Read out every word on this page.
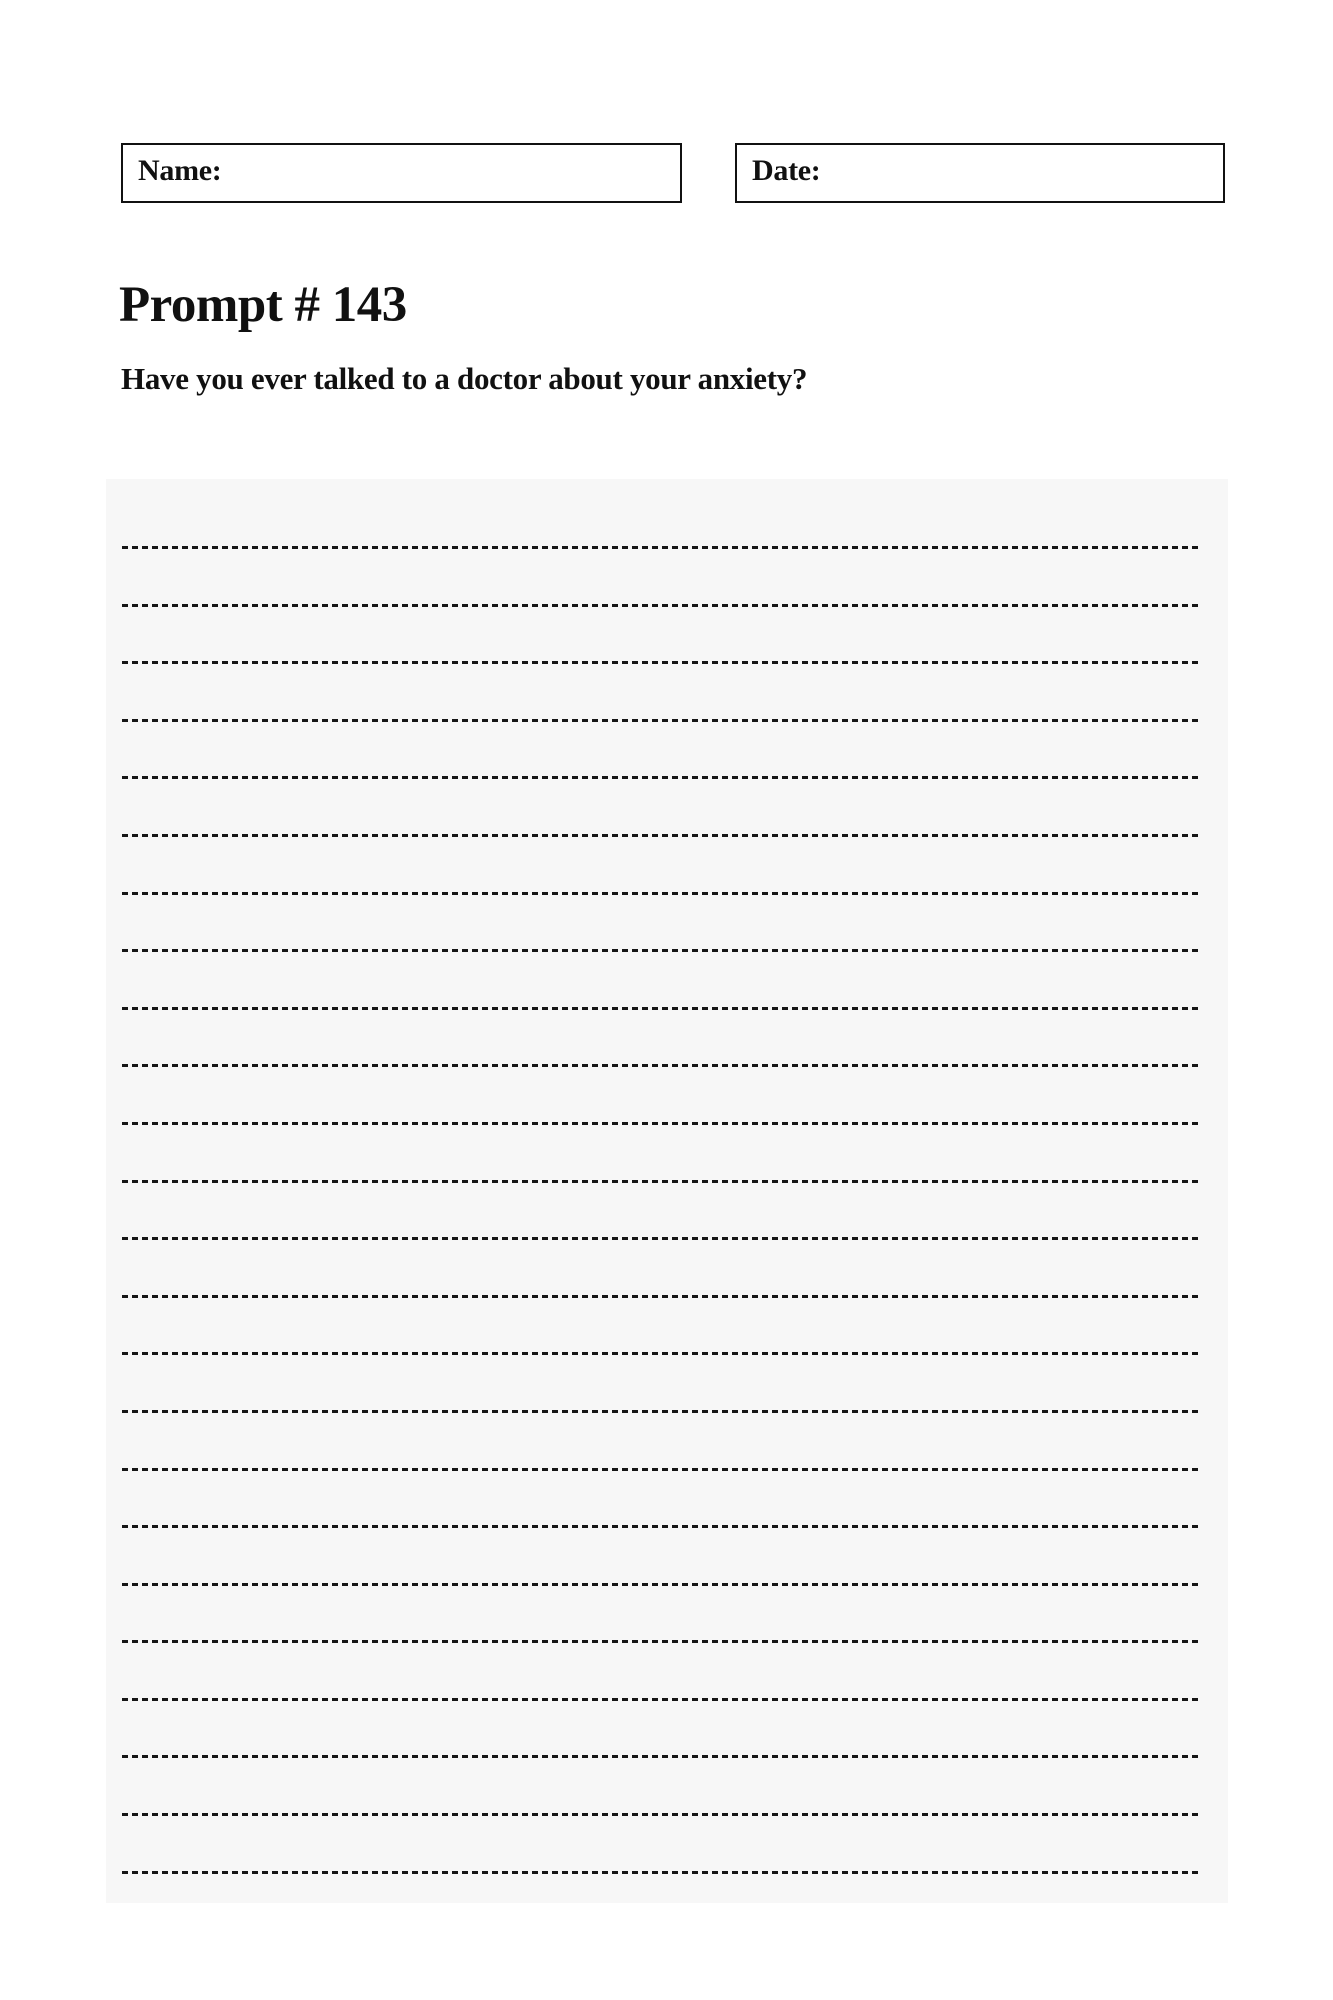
Name:	Date:
Prompt # 143

Have you ever talked to a doctor about your anxiety?
